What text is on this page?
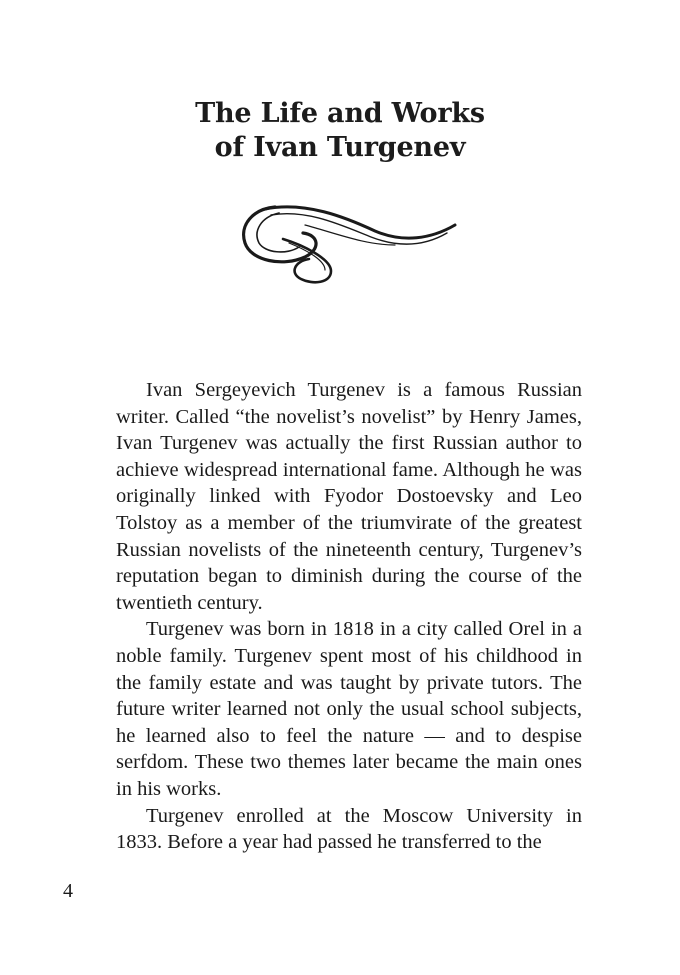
The Life and Works
of Ivan Turgenev

Ivan Sergeyevich Turgenev is a famous Russian writer. Called “the novelist’s novelist” by Henry James, Ivan Turgenev was actually the first Russian author to achieve widespread international fame. Although he was originally linked with Fyodor Dostoevsky and Leo Tolstoy as a member of the triumvirate of the greatest Russian novelists of the nineteenth century, Turgenev’s reputation began to diminish during the course of the twentieth century.

Turgenev was born in 1818 in a city called Orel in a noble family. Turgenev spent most of his childhood in the family estate and was taught by private tutors. The future writer learned not only the usual school subjects, he learned also to feel the nature — and to despise serfdom. These two themes later became the main ones in his works.

Turgenev enrolled at the Moscow University in 1833. Before a year had passed he transferred to the

4
